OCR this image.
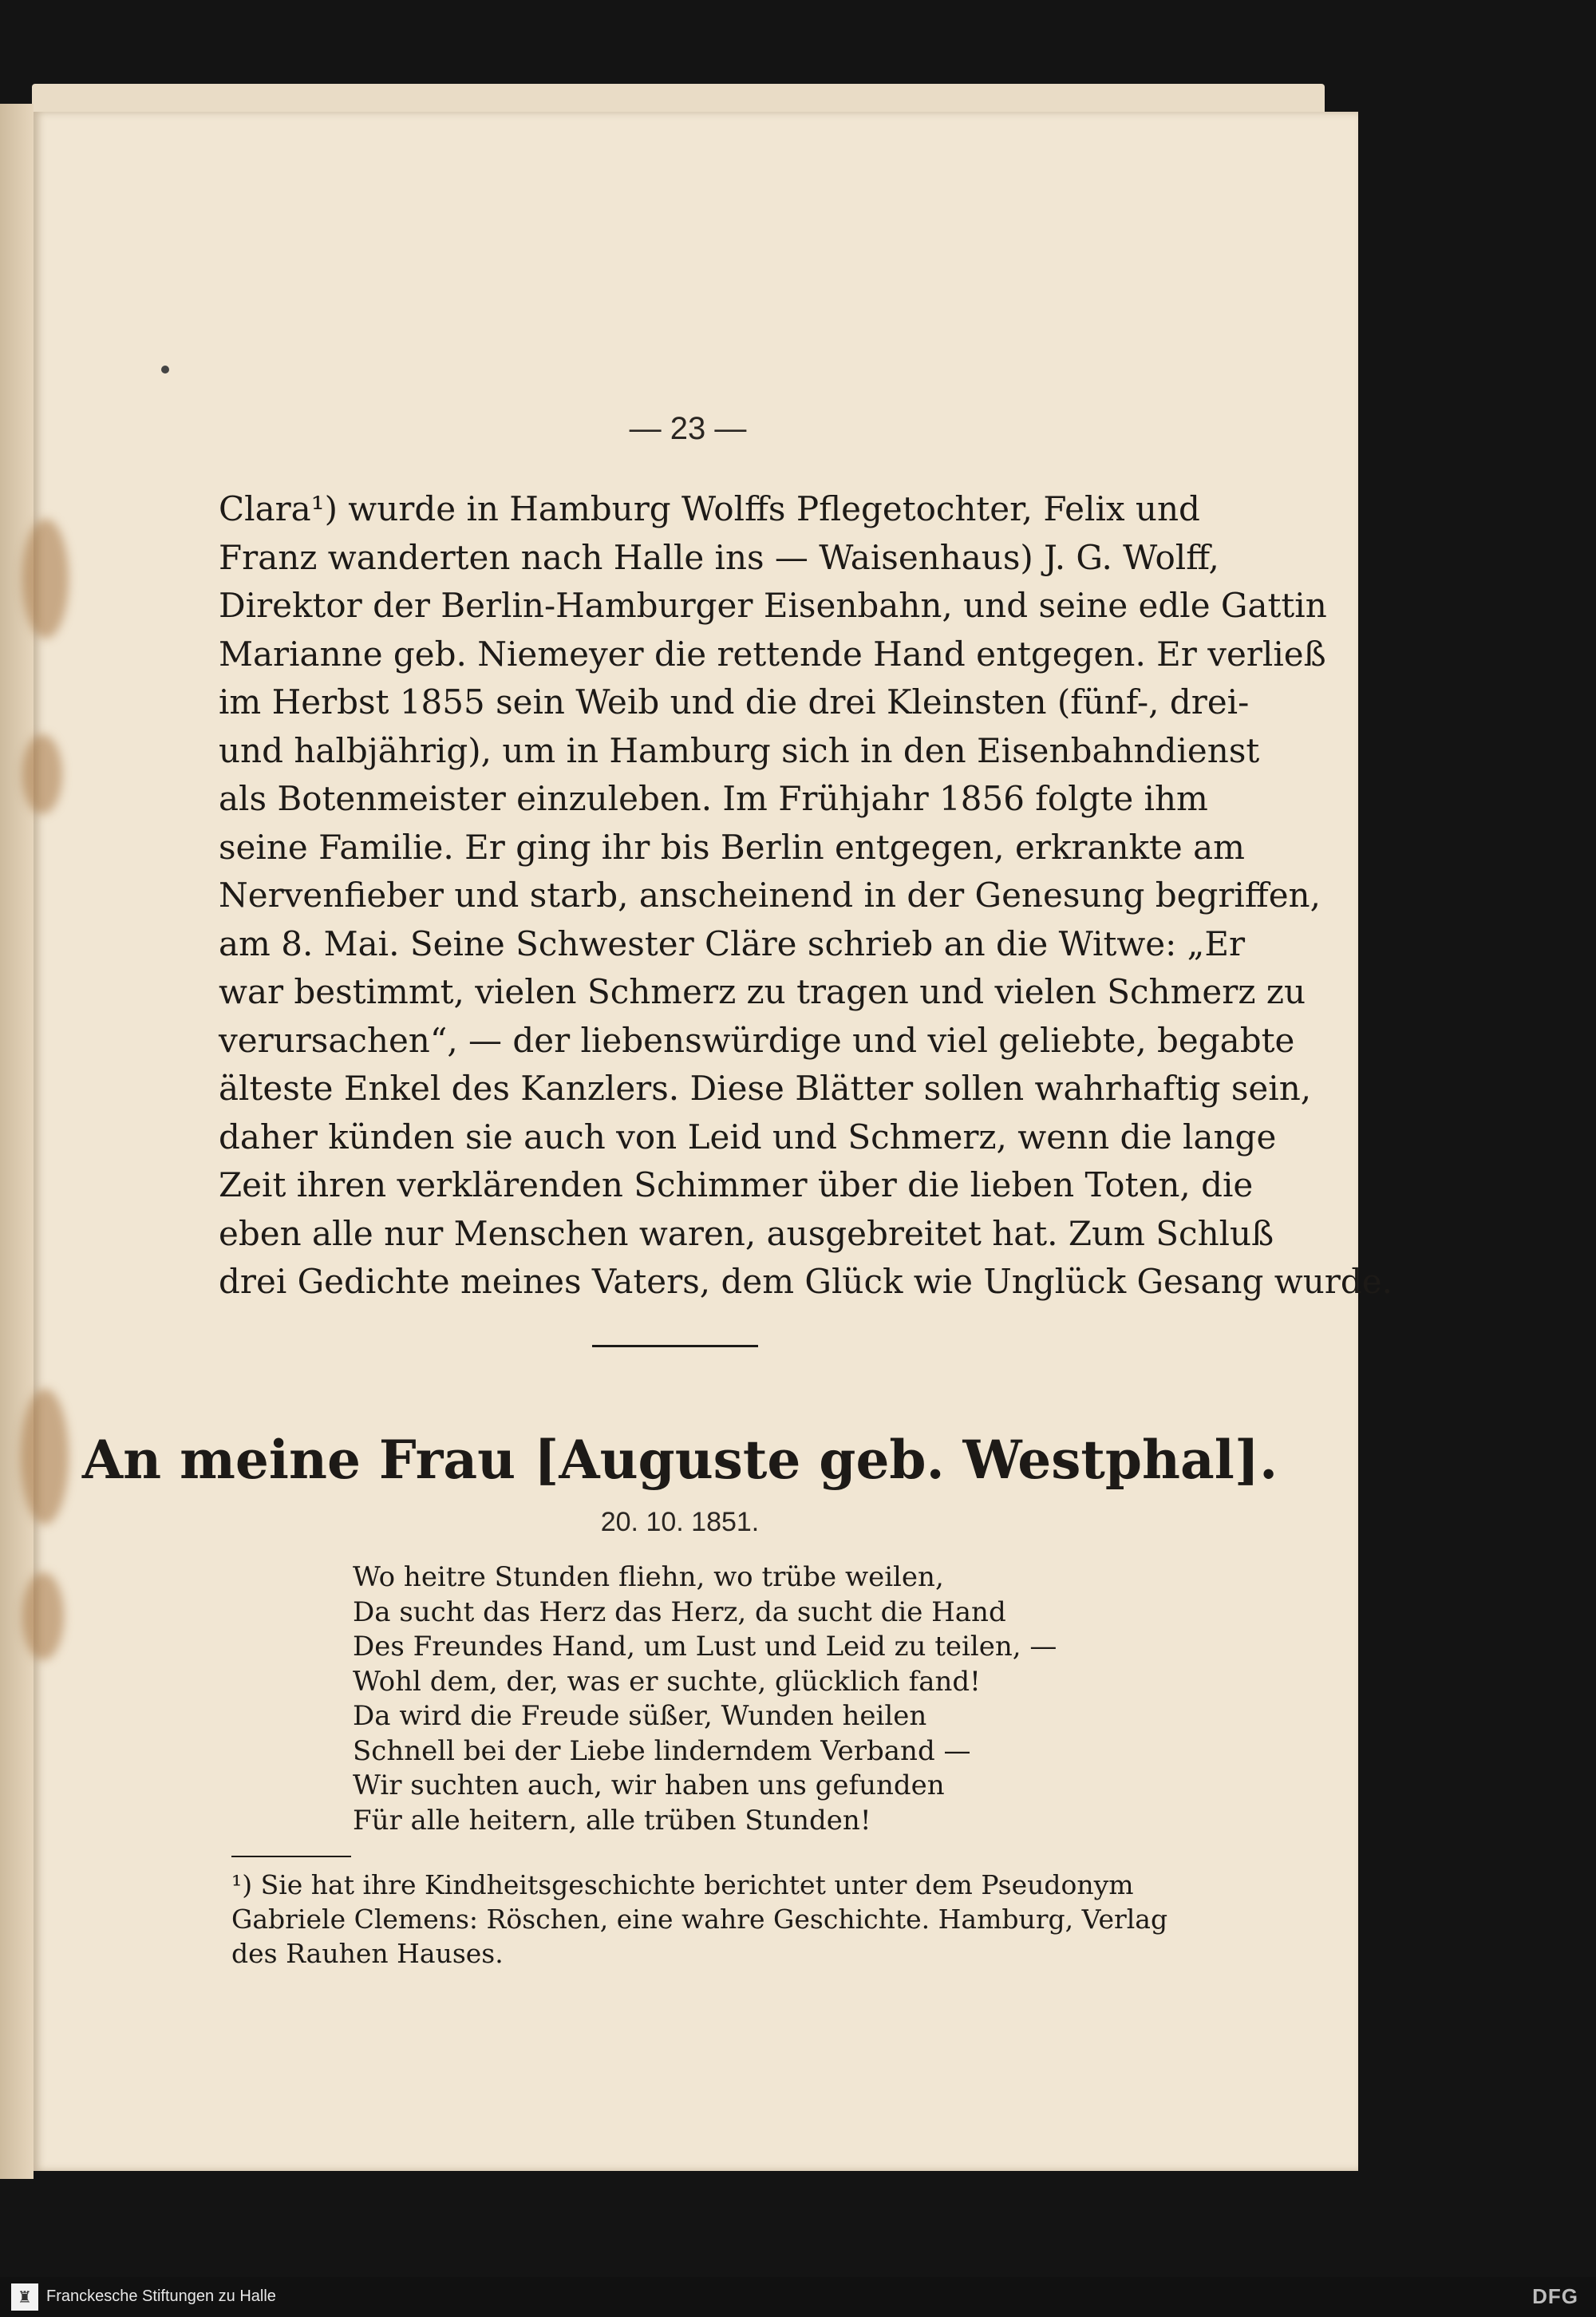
— 23 —

Clara¹) wurde in Hamburg Wolffs Pflegetochter, Felix und

Franz wanderten nach Halle ins — Waisenhaus) J. G. Wolff,

Direktor der Berlin-Hamburger Eisenbahn, und seine edle Gattin

Marianne geb. Niemeyer die rettende Hand entgegen. Er verließ

im Herbst 1855 sein Weib und die drei Kleinsten (fünf-, drei-

und halbjährig), um in Hamburg sich in den Eisenbahndienst

als Botenmeister einzuleben. Im Frühjahr 1856 folgte ihm

seine Familie. Er ging ihr bis Berlin entgegen, erkrankte am

Nervenfieber und starb, anscheinend in der Genesung begriffen,

am 8. Mai. Seine Schwester Cläre schrieb an die Witwe: „Er

war bestimmt, vielen Schmerz zu tragen und vielen Schmerz zu

verursachen“, — der liebenswürdige und viel geliebte, begabte

älteste Enkel des Kanzlers. Diese Blätter sollen wahrhaftig sein,

daher künden sie auch von Leid und Schmerz, wenn die lange

Zeit ihren verklärenden Schimmer über die lieben Toten, die

eben alle nur Menschen waren, ausgebreitet hat. Zum Schluß

drei Gedichte meines Vaters, dem Glück wie Unglück Gesang wurde.

An meine Frau [Auguste geb. Westphal].
20. 10. 1851.

Wo heitre Stunden fliehn, wo trübe weilen,

Da sucht das Herz das Herz, da sucht die Hand

Des Freundes Hand, um Lust und Leid zu teilen, —

Wohl dem, der, was er suchte, glücklich fand!

Da wird die Freude süßer, Wunden heilen

Schnell bei der Liebe linderndem Verband —

Wir suchten auch, wir haben uns gefunden

Für alle heitern, alle trüben Stunden!

¹) Sie hat ihre Kindheitsgeschichte berichtet unter dem Pseudonym

Gabriele Clemens: Röschen, eine wahre Geschichte. Hamburg, Verlag

des Rauhen Hauses.

♜ Franckesche Stiftungen zu Halle	DFG
